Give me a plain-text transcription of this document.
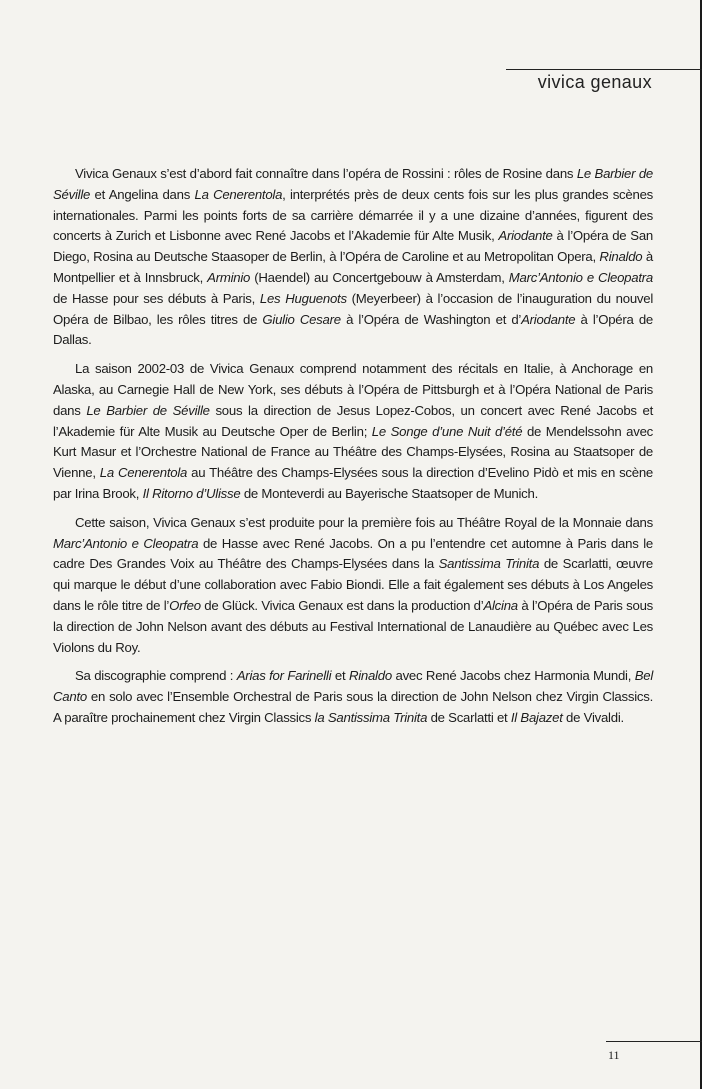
vivica genaux

Vivica Genaux s’est d’abord fait connaître dans l’opéra de Rossini : rôles de Rosine dans Le Barbier de Séville et Angelina dans La Cenerentola, interprétés près de deux cents fois sur les plus grandes scènes internationales. Parmi les points forts de sa carrière démarrée il y a une dizaine d’années, figurent des concerts à Zurich et Lisbonne avec René Jacobs et l’Akademie für Alte Musik, Ariodante à l’Opéra de San Diego, Rosina au Deutsche Staasoper de Berlin, à l’Opéra de Caroline et au Metropolitan Opera, Rinaldo à Montpellier et à Innsbruck, Arminio (Haendel) au Concertgebouw à Amsterdam, Marc’Antonio e Cleopatra de Hasse pour ses débuts à Paris, Les Huguenots (Meyerbeer) à l’occasion de l’inauguration du nouvel Opéra de Bilbao, les rôles titres de Giulio Cesare à l’Opéra de Washington et d’Ariodante à l’Opéra de Dallas.

La saison 2002-03 de Vivica Genaux comprend notamment des récitals en Italie, à Anchorage en Alaska, au Carnegie Hall de New York, ses débuts à l’Opéra de Pittsburgh et à l’Opéra National de Paris dans Le Barbier de Séville sous la direction de Jesus Lopez-Cobos, un concert avec René Jacobs et l’Akademie für Alte Musik au Deutsche Oper de Berlin; Le Songe d’une Nuit d’été de Mendelssohn avec Kurt Masur et l’Orchestre National de France au Théâtre des Champs-Elysées, Rosina au Staatsoper de Vienne, La Cenerentola au Théâtre des Champs-Elysées sous la direction d’Evelino Pidò et mis en scène par Irina Brook, Il Ritorno d’Ulisse de Monteverdi au Bayerische Staatsoper de Munich.

Cette saison, Vivica Genaux s’est produite pour la première fois au Théâtre Royal de la Monnaie dans Marc’Antonio e Cleopatra de Hasse avec René Jacobs. On a pu l’entendre cet automne à Paris dans le cadre Des Grandes Voix au Théâtre des Champs-Elysées dans la Santissima Trinita de Scarlatti, œuvre qui marque le début d’une collaboration avec Fabio Biondi. Elle a fait également ses débuts à Los Angeles dans le rôle titre de l’Orfeo de Glück. Vivica Genaux est dans la production d’Alcina à l’Opéra de Paris sous la direction de John Nelson avant des débuts au Festival International de Lanaudière au Québec avec Les Violons du Roy.

Sa discographie comprend : Arias for Farinelli et Rinaldo avec René Jacobs chez Harmonia Mundi, Bel Canto en solo avec l’Ensemble Orchestral de Paris sous la direction de John Nelson chez Virgin Classics. A paraître prochainement chez Virgin Classics la Santissima Trinita de Scarlatti et Il Bajazet de Vivaldi.

11
